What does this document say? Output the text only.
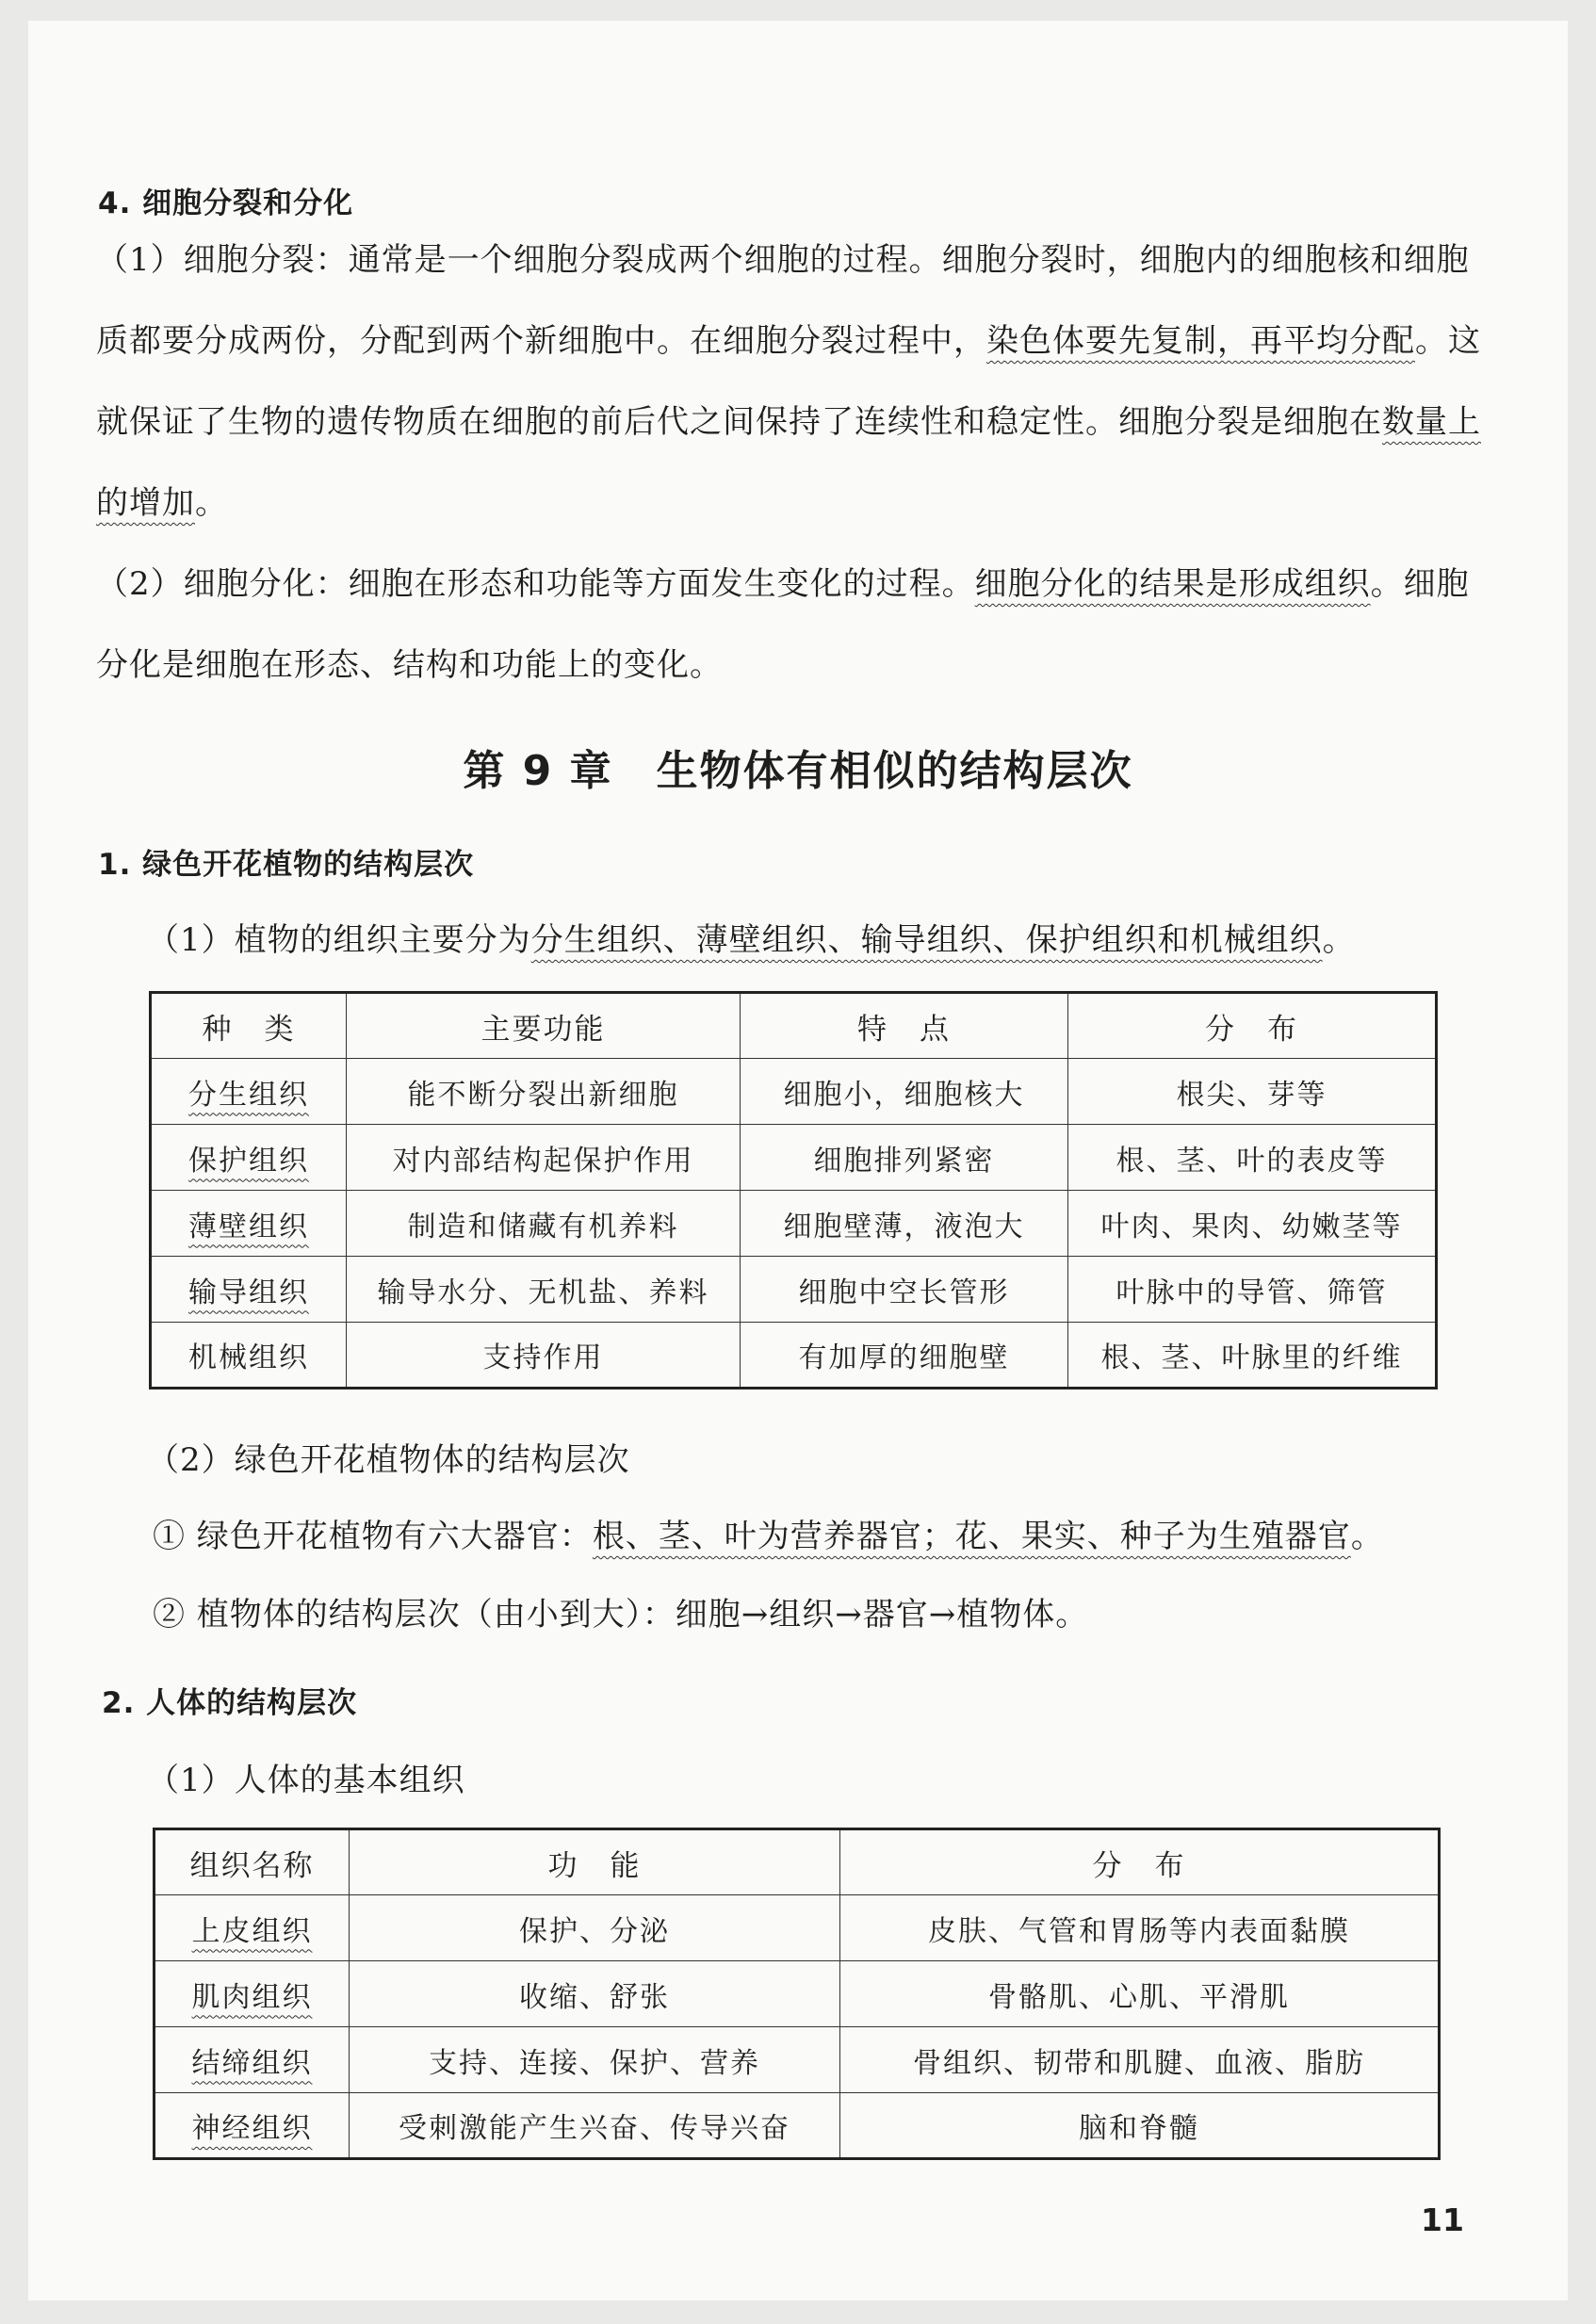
4. 细胞分裂和分化

（1）细胞分裂：通常是一个细胞分裂成两个细胞的过程。细胞分裂时，细胞内的细胞核和细胞质都要分成两份，分配到两个新细胞中。在细胞分裂过程中，染色体要先复制，再平均分配。这就保证了生物的遗传物质在细胞的前后代之间保持了连续性和稳定性。细胞分裂是细胞在数量上的增加。

（2）细胞分化：细胞在形态和功能等方面发生变化的过程。细胞分化的结果是形成组织。细胞分化是细胞在形态、结构和功能上的变化。

第 9 章　生物体有相似的结构层次
1. 绿色开花植物的结构层次
（1）植物的组织主要分为分生组织、薄壁组织、输导组织、保护组织和机械组织。
种　类	主要功能	特　点	分　布
分生组织	能不断分裂出新细胞	细胞小，细胞核大	根尖、芽等
保护组织	对内部结构起保护作用	细胞排列紧密	根、茎、叶的表皮等
薄壁组织	制造和储藏有机养料	细胞壁薄，液泡大	叶肉、果肉、幼嫩茎等
输导组织	输导水分、无机盐、养料	细胞中空长管形	叶脉中的导管、筛管
机械组织	支持作用	有加厚的细胞壁	根、茎、叶脉里的纤维
（2）绿色开花植物体的结构层次
① 绿色开花植物有六大器官：根、茎、叶为营养器官；花、果实、种子为生殖器官。
② 植物体的结构层次（由小到大）：细胞→组织→器官→植物体。
2. 人体的结构层次
（1）人体的基本组织
组织名称	功　能	分　布
上皮组织	保护、分泌	皮肤、气管和胃肠等内表面黏膜
肌肉组织	收缩、舒张	骨骼肌、心肌、平滑肌
结缔组织	支持、连接、保护、营养	骨组织、韧带和肌腱、血液、脂肪
神经组织	受刺激能产生兴奋、传导兴奋	脑和脊髓
11
